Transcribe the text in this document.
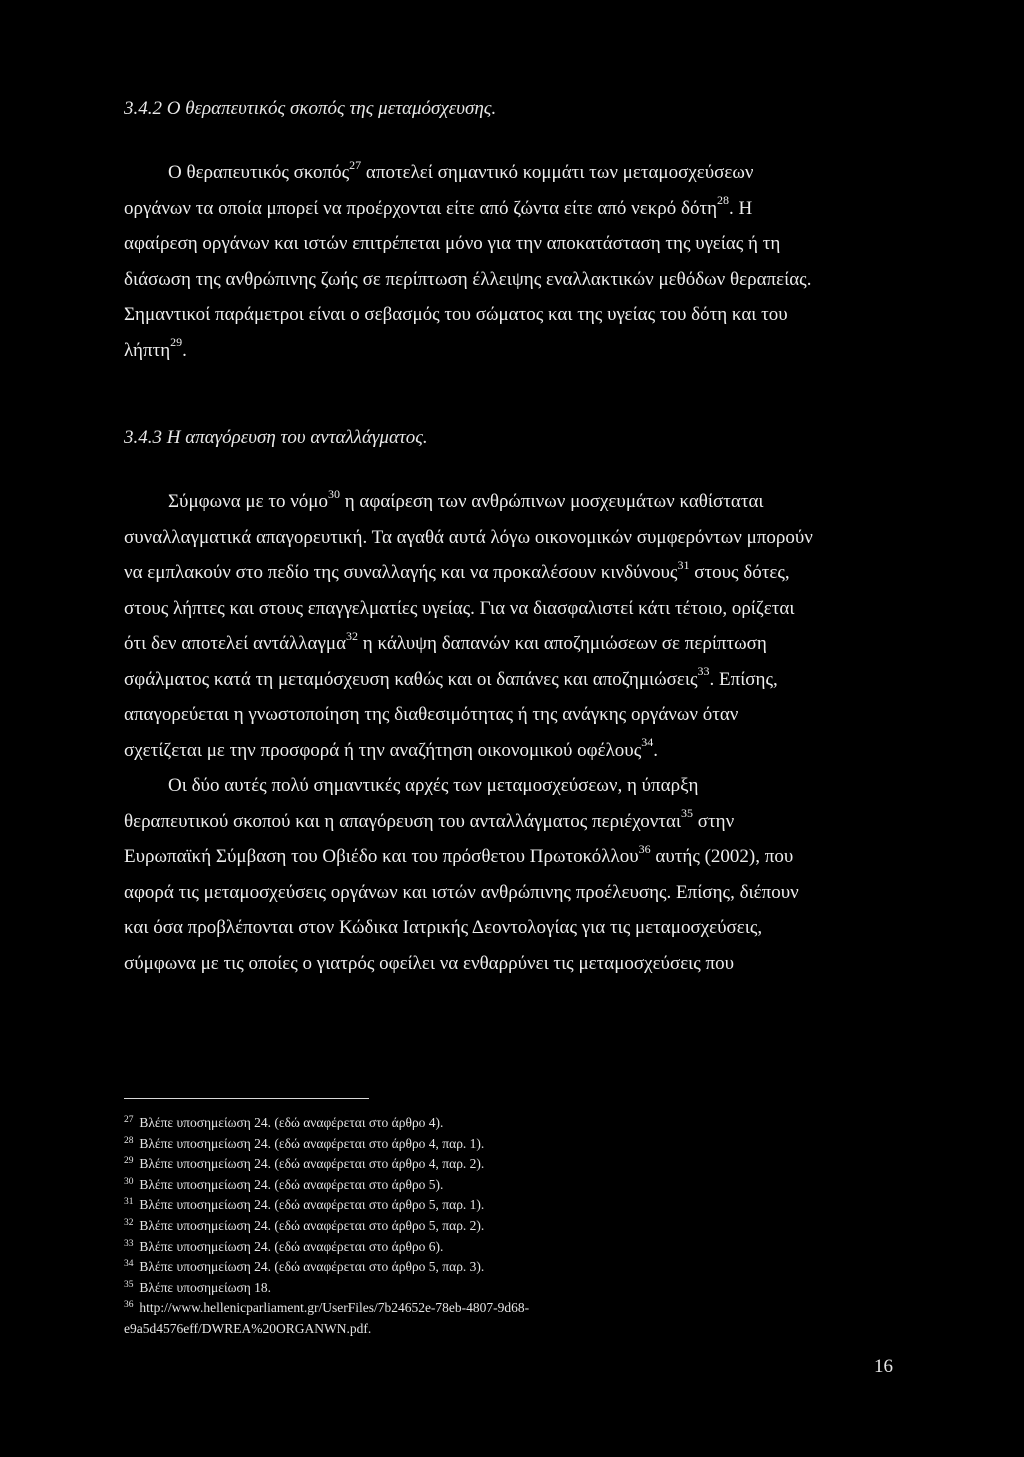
3.4.2 Ο θεραπευτικός σκοπός της μεταμόσχευσης.
Ο θεραπευτικός σκοπός$^{27}$ αποτελεί σημαντικό κομμάτι των μεταμοσχεύσεων
οργάνων τα οποία μπορεί να προέρχονται είτε από ζώντα είτε από νεκρό δότη$^{28}$. Η
αφαίρεση οργάνων και ιστών επιτρέπεται μόνο για την αποκατάσταση της υγείας ή τη
διάσωση της ανθρώπινης ζωής σε περίπτωση έλλειψης εναλλακτικών μεθόδων θεραπείας.
Σημαντικοί παράμετροι είναι ο σεβασμός του σώματος και της υγείας του δότη και του
λήπτη$^{29}$.
3.4.3 Η απαγόρευση του ανταλλάγματος.
Σύμφωνα με το νόμο$^{30}$ η αφαίρεση των ανθρώπινων μοσχευμάτων καθίσταται
συναλλαγματικά απαγορευτική. Τα αγαθά αυτά λόγω οικονομικών συμφερόντων μπορούν
να εμπλακούν στο πεδίο της συναλλαγής και να προκαλέσουν κινδύνους$^{31}$ στους δότες,
στους λήπτες και στους επαγγελματίες υγείας. Για να διασφαλιστεί κάτι τέτοιο, ορίζεται
ότι δεν αποτελεί αντάλλαγμα$^{32}$ η κάλυψη δαπανών και αποζημιώσεων σε περίπτωση
σφάλματος κατά τη μεταμόσχευση καθώς και οι δαπάνες και αποζημιώσεις$^{33}$. Επίσης,
απαγορεύεται η γνωστοποίηση της διαθεσιμότητας ή της ανάγκης οργάνων όταν
σχετίζεται με την προσφορά ή την αναζήτηση οικονομικού οφέλους$^{34}$.
Οι δύο αυτές πολύ σημαντικές αρχές των μεταμοσχεύσεων, η ύπαρξη
θεραπευτικού σκοπού και η απαγόρευση του ανταλλάγματος περιέχονται$^{35}$ στην
Ευρωπαϊκή Σύμβαση του Οβιέδο και του πρόσθετου Πρωτοκόλλου$^{36}$ αυτής (2002), που
αφορά τις μεταμοσχεύσεις οργάνων και ιστών ανθρώπινης προέλευσης. Επίσης, διέπουν
και όσα προβλέπονται στον Κώδικα Ιατρικής Δεοντολογίας για τις μεταμοσχεύσεις,
σύμφωνα με τις οποίες ο γιατρός οφείλει να ενθαρρύνει τις μεταμοσχεύσεις που
27 Βλέπε υποσημείωση 24. (εδώ αναφέρεται στο άρθρο 4).
28 Βλέπε υποσημείωση 24. (εδώ αναφέρεται στο άρθρο 4, παρ. 1).
29 Βλέπε υποσημείωση 24. (εδώ αναφέρεται στο άρθρο 4, παρ. 2).
30 Βλέπε υποσημείωση 24. (εδώ αναφέρεται στο άρθρο 5).
31 Βλέπε υποσημείωση 24. (εδώ αναφέρεται στο άρθρο 5, παρ. 1).
32 Βλέπε υποσημείωση 24. (εδώ αναφέρεται στο άρθρο 5, παρ. 2).
33 Βλέπε υποσημείωση 24. (εδώ αναφέρεται στο άρθρο 6).
34 Βλέπε υποσημείωση 24. (εδώ αναφέρεται στο άρθρο 5, παρ. 3).
35 Βλέπε υποσημείωση 18.
36 http://www.hellenicparliament.gr/UserFiles/7b24652e-78eb-4807-9d68-
e9a5d4576eff/DWREA%20ORGANWN.pdf.
16
